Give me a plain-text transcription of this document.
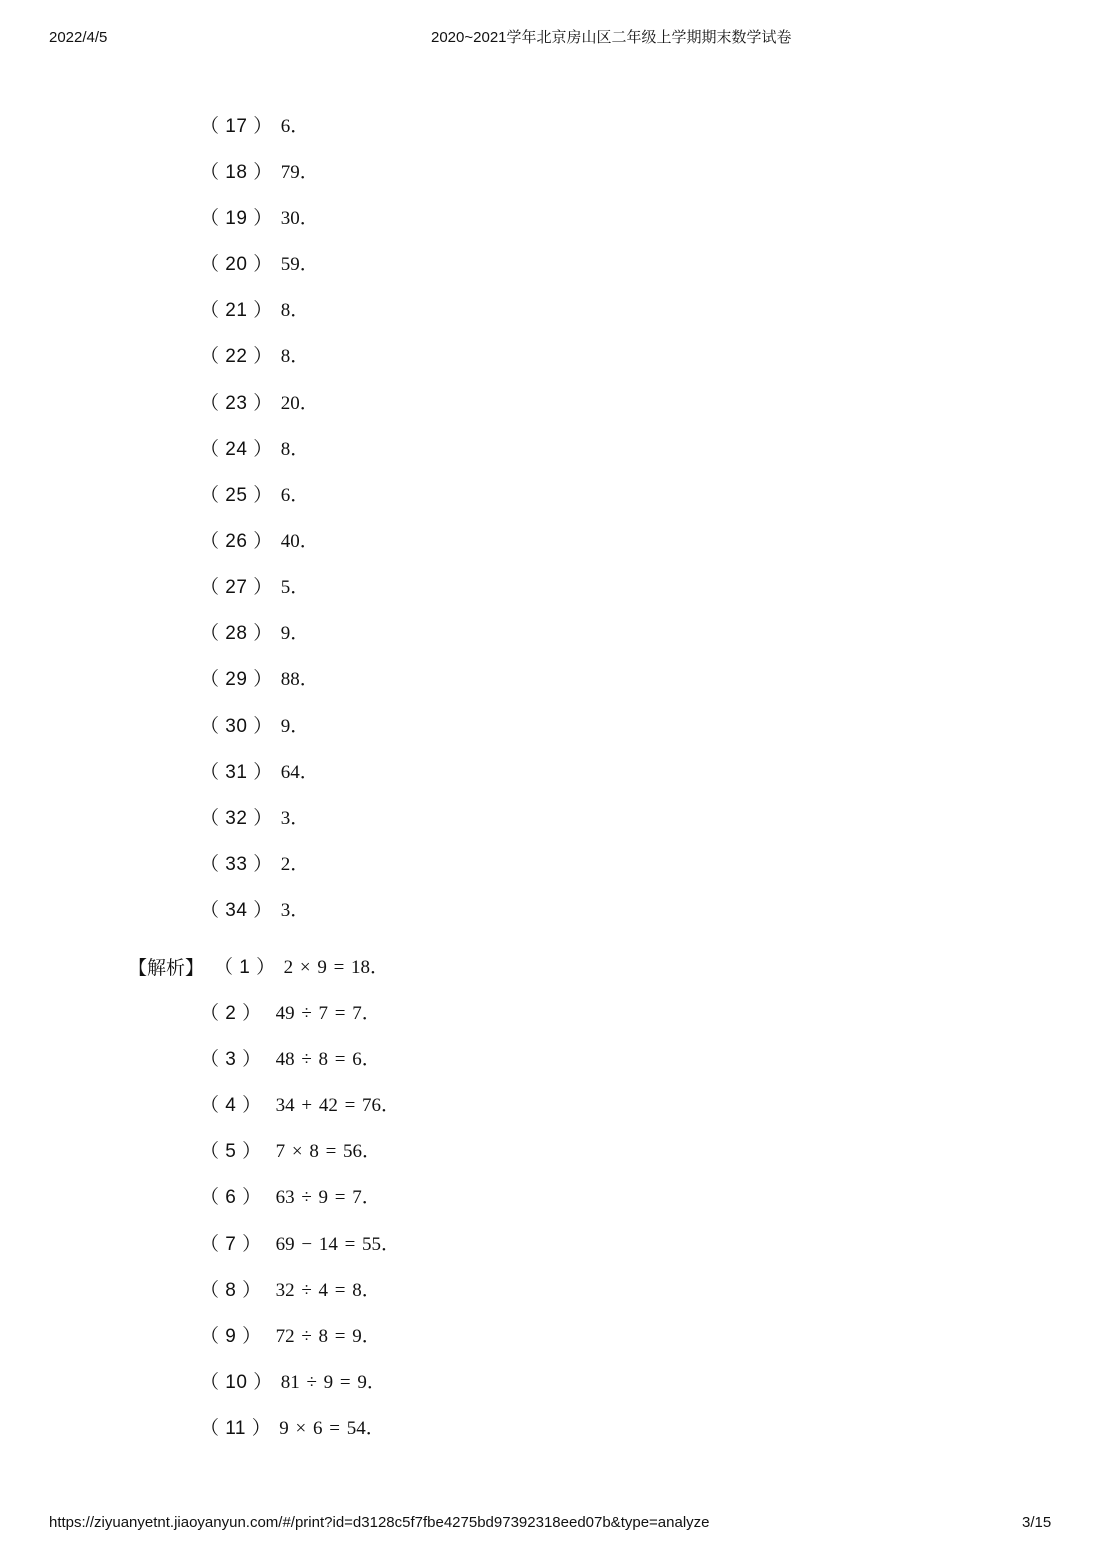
2022/4/5	2020~2021学年北京房山区二年级上学期期末数学试卷
（ 17 ） 6．
（ 18 ） 79．
（ 19 ） 30．
（ 20 ） 59．
（ 21 ） 8．
（ 22 ） 8．
（ 23 ） 20．
（ 24 ） 8．
（ 25 ） 6．
（ 26 ） 40．
（ 27 ） 5．
（ 28 ） 9．
（ 29 ） 88．
（ 30 ） 9．
（ 31 ） 64．
（ 32 ） 3．
（ 33 ） 2．
（ 34 ） 3．
【解析】 （ 1 ） 2 × 9 = 18．
（ 2 ） 49 ÷ 7 = 7．
（ 3 ） 48 ÷ 8 = 6．
（ 4 ） 34 + 42 = 76．
（ 5 ） 7 × 8 = 56．
（ 6 ） 63 ÷ 9 = 7．
（ 7 ） 69 − 14 = 55．
（ 8 ） 32 ÷ 4 = 8．
（ 9 ） 72 ÷ 8 = 9．
（ 10 ） 81 ÷ 9 = 9．
（ 11 ） 9 × 6 = 54．
https://ziyuanyetnt.jiaoyanyun.com/#/print?id=d3128c5f7fbe4275bd97392318eed07b&type=analyze	3/15
